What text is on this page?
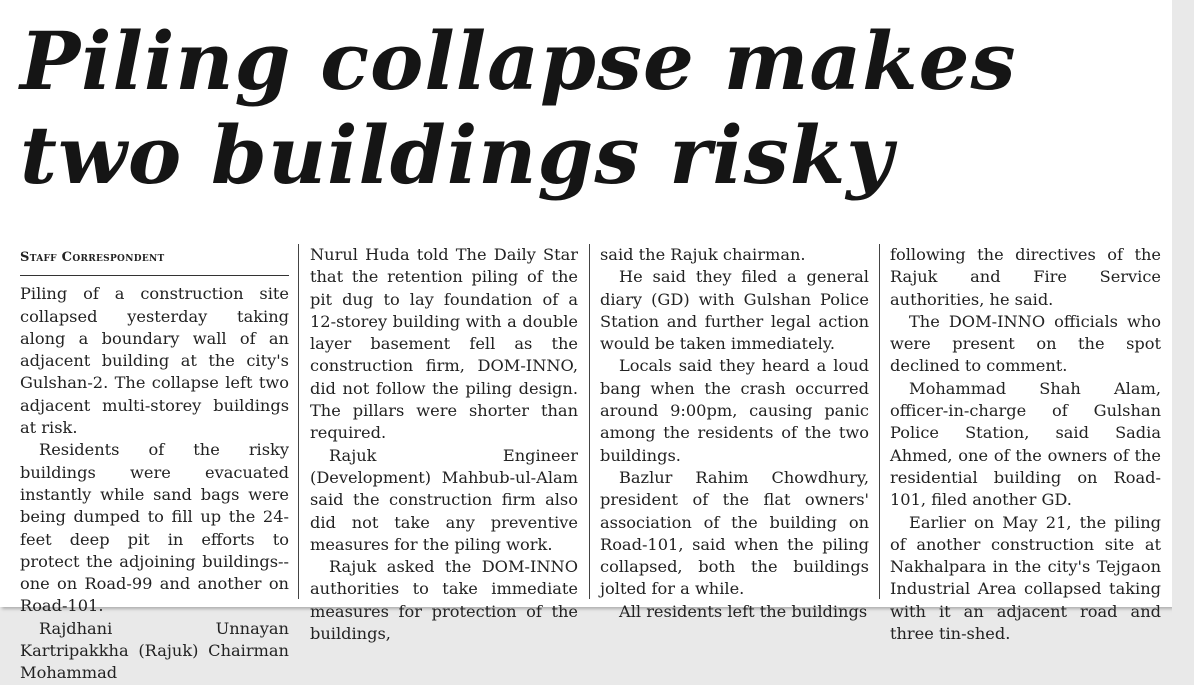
Piling collapse makes two buildings risky

Staff Correspondent

Piling of a construction site collapsed yesterday taking along a boundary wall of an adjacent building at the city's Gulshan-2. The collapse left two adjacent multi-storey buildings at risk.

Residents of the risky buildings were evacuated instantly while sand bags were being dumped to fill up the 24-feet deep pit in efforts to protect the adjoining buildings--one on Road-99 and another on Road-101.

Rajdhani Unnayan Kartripakkha (Rajuk) Chairman Mohammad

Nurul Huda told The Daily Star that the retention piling of the pit dug to lay foundation of a 12-storey building with a double layer basement fell as the construction firm, DOM-INNO, did not follow the piling design. The pillars were shorter than required.

Rajuk Engineer (Development) Mahbub-ul-Alam said the construction firm also did not take any preventive measures for the piling work.

Rajuk asked the DOM-INNO authorities to take immediate measures for protection of the buildings,

said the Rajuk chairman.

He said they filed a general diary (GD) with Gulshan Police Station and further legal action would be taken immediately.

Locals said they heard a loud bang when the crash occurred around 9:00pm, causing panic among the residents of the two buildings.

Bazlur Rahim Chowdhury, president of the flat owners' association of the building on Road-101, said when the piling collapsed, both the buildings jolted for a while.

All residents left the buildings

following the directives of the Rajuk and Fire Service authorities, he said.

The DOM-INNO officials who were present on the spot declined to comment.

Mohammad Shah Alam, officer-in-charge of Gulshan Police Station, said Sadia Ahmed, one of the owners of the residential building on Road-101, filed another GD.

Earlier on May 21, the piling of another construction site at Nakhalpara in the city's Tejgaon Industrial Area collapsed taking with it an adjacent road and three tin-shed.
